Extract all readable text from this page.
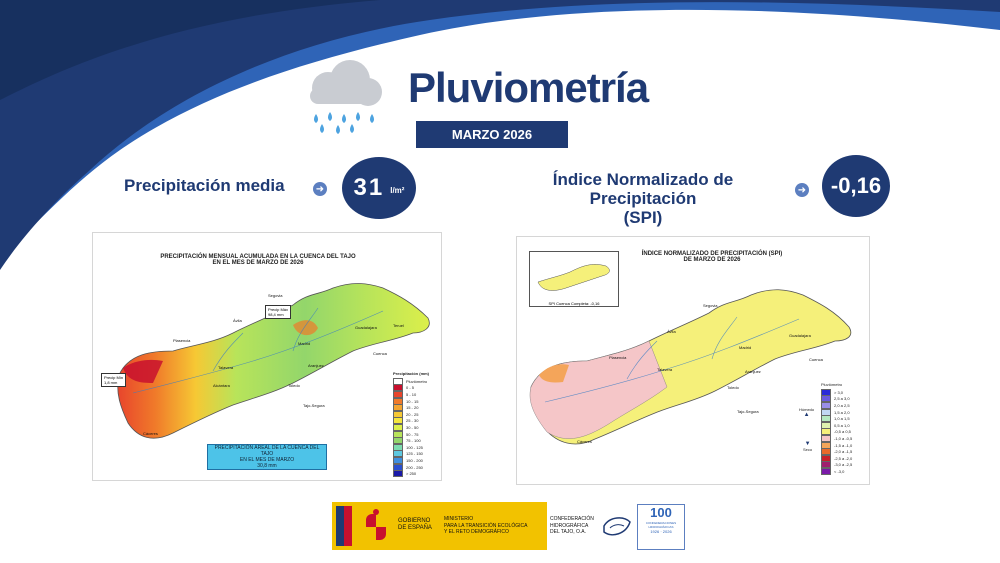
Pluviometría
MARZO 2026
Precipitación media	➜ 31 l/m²
Índice Normalizado de Precipitación
(SPI)
➜ -0,16
PRECIPITACIÓN MENSUAL ACUMULADA EN LA CUENCA DEL TAJO
EN EL MES DE MARZO DE 2026
Precip Máx
98,4 mm
Precip Mín
1,8 mm
Precipitación (mm)
Pluviómetro
0 - 5
5 - 10
10 - 15
15 - 20
20 - 25
25 - 30
30 - 50
50 - 75
75 - 100
100 - 125
125 - 150
150 - 200
200 - 250
> 250
PRECIPITACIÓN AREAL DE LA CUENCA DEL TAJO
EN EL MES DE MARZO
30,8 mm
Madrid
Toledo
Talavera
Cáceres
Plasencia
Guadalajara
Cuenca
Ávila
Segovia
Aranjuez
Alcántara
Tajo-Segura
Teruel
ÍNDICE NORMALIZADO DE PRECIPITACIÓN (SPI)
DE MARZO DE 2026
SPI Cuenca Completa: -0,16
Pluviómetro
> 3,0
2,5 a 3,0
2,0 a 2,5
1,5 a 2,0
1,0 a 1,5
0,5 a 1,0
-0,5 a 0,5
-1,0 a -0,5
-1,5 a -1,0
-2,0 a -1,5
-2,5 a -2,0
-3,0 a -2,5
< -3,0
Húmedo
▲
▼
Seco
Madrid
Toledo
Talavera
Cáceres
Plasencia
Guadalajara
Cuenca
Ávila
Segovia
Aranjuez
Tajo-Segura
GOBIERNO
DE ESPAÑA
MINISTERIO
PARA LA TRANSICIÓN ECOLÓGICA
Y EL RETO DEMOGRÁFICO
CONFEDERACIÓN
HIDROGRÁFICA
DEL TAJO, O.A.
100
CONFEDERACIONES
HIDROGRÁFICAS
1926 · 2026
